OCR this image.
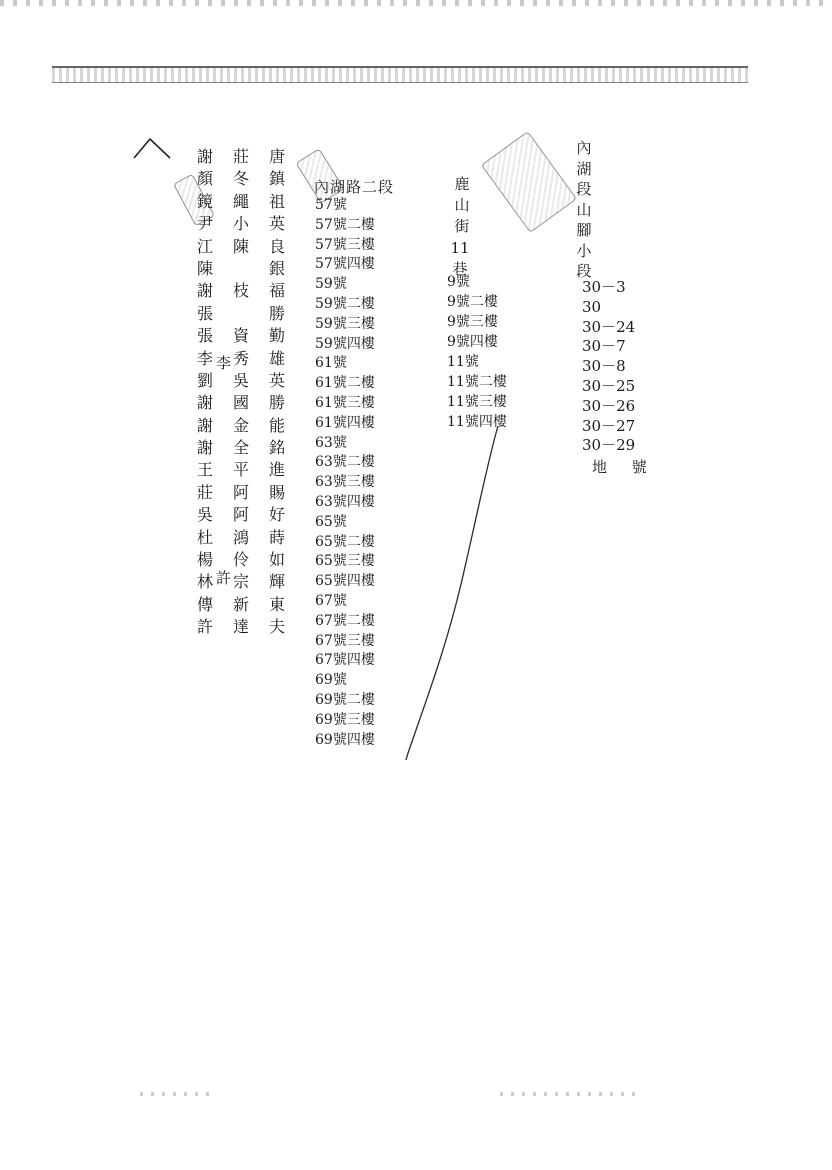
唐
鎮
祖
英
良
銀
福
勝
勤
雄
英
勝
能
銘
進
賜
好
蒔
如
輝
東
夫
莊
冬
繩
小
陳
枝
資
秀
吳
國
金
全
平
阿
阿
鴻
伶
宗
新
達
謝
顏
鏡
尹
江
陳
謝
張
張
李
劉
謝
謝
謝
王
莊
吳
杜
楊
林
傳
許
李
許
內湖路二段
57號
57號二樓
57號三樓
57號四樓
59號
59號二樓
59號三樓
59號四樓
61號
61號二樓
61號三樓
61號四樓
63號
63號二樓
63號三樓
63號四樓
65號
65號二樓
65號三樓
65號四樓
67號
67號二樓
67號三樓
67號四樓
69號
69號二樓
69號三樓
69號四樓
鹿
山
街
11
巷
9號
9號二樓
9號三樓
9號四樓
11號
11號二樓
11號三樓
11號四樓
內
湖
段
山
腳
小
段
30－3
30
30－24
30－7
30－8
30－25
30－26
30－27
30－29
地 號
